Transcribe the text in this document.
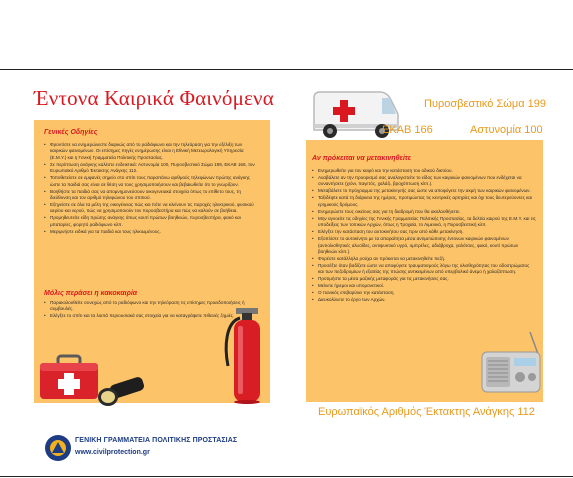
Έντονα Καιρικά Φαινόμενα
Γενικές Οδηγίες
• Φροντίστε να ενημερώνεστε διαρκώς από το ραδιόφωνο και την τηλεόραση για την εξέλιξη των καιρικών φαινομένων. Οι επίσημες πηγές ενημέρωσης είναι η Εθνική Μετεωρολογική Υπηρεσία (Ε.Μ.Υ.) και η Γενική Γραμματεία Πολιτικής Προστασίας.
• Σε περίπτωση ανάγκης καλέστε ενδεικτικά: Αστυνομία 100, Πυροσβεστικό Σώμα 199, ΕΚΑΒ 166, τον Ευρωπαϊκό Αριθμό Έκτακτης Ανάγκης 112.
• Τοποθετείστε σε εμφανές σημείο στο σπίτι τους παραπάνω αριθμούς τηλεφώνων πρώτης ανάγκης ώστε τα παιδιά σας είναι σε θέση να τους χρησιμοποιήσουν και βεβαιωθείτε ότι το γνωρίζουν.
• Βοηθήστε τα παιδιά σας να απομνημονεύσουν οικογενειακά στοιχεία όπως το επίθετο τους, τη διεύθυνση και τον αριθμό τηλεφώνου του σπιτιού.
• Εξηγείστε σε όλα τα μέλη της οικογένειας πώς και πότε να κλείνουν τις παροχές ηλεκτρικού, φυσικού αερίου και νερού, πώς να χρησιμοποιούν τον πυροσβεστήρα και πώς να καλούν σε βοήθεια.
• Προμηθευτείτε είδη πρώτης ανάγκης όπως κουτί πρώτων βοηθειών, πυροσβεστήρα, φακό και μπαταρίες, φορητό ραδιόφωνο κλπ.
• Μεριμνήστε ειδικά για τα παιδιά και τους ηλικιωμένους.
Μόλις περάσει η κακοκαιρία
• Παρακολουθείτε συνεχώς από το ραδιόφωνο και την τηλεόραση τις επίσημες προειδοποιήσεις ή συμβουλές.
• Ελέγξτε το σπίτι και τα λοιπά περιουσιακά σας στοιχεία για να καταγράψετε πιθανές ζημιές.
ΓΕΝΙΚΗ ΓΡΑΜΜΑΤΕΙΑ ΠΟΛΙΤΙΚΗΣ ΠΡΟΣΤΑΣΙΑΣ
www.civilprotection.gr
Πυροσβεστικό Σώμα 199
ΕΚΑΒ 166	Αστυνομία 100
Αν πρόκειται να μετακινηθείτε
• Ενημερωθείτε για τον καιρό και την κατάσταση του οδικού δικτύου.
• Αναβάλετε αν την προορισμό σας αναλογιστείτε το είδος των καιρικών φαινομένων που ενδέχεται να συναντήσετε (χιόνι, παγετός, χαλάζι, βροχόπτωση κλπ.).
• Μεταβάλετε το πρόγραμμα της μετακίνησής σας ώστε να αποφύγετε την ακμή των καιρικών φαινομένων.
• Ταξιδέψτε κατά τη διάρκεια της ημέρας, προτιμώντας τις κεντρικές αρτηρίες και όχι τους δευτερεύοντες και ερημικούς δρόμους.
• Ενημερώστε τους οικείους σας για τη διαδρομή που θα ακολουθήσετε.
• Μην αγνοείτε τις οδηγίες της Γενικής Γραμματείας Πολιτικής Προστασίας, τα δελτία καιρού της Ε.Μ.Υ. και τις υποδείξεις των τοπικών Αρχών, όπως η Τροχαία, το Λιμενικό, η Πυροσβεστική κλπ.
• Ελέγξτε την κατάσταση του αυτοκινήτου σας πριν από κάθε μετακίνηση.
• Εξοπλίστε το αυτοκίνητο με τα απαραίτητα μέσα αντιμετώπισης έντονων καιρικών φαινομένων (αντιολισθητικές αλυσίδες, αντιψυκτικό υγρό, ομπρέλες, αδιάβροχα, γαλότσες, φακό, κουτί πρώτων βοηθειών κλπ.).
• Φορέστε κατάλληλα ρούχα αν πρόκειται να μετακινηθείτε πεζή.
• Προσέξτε όταν βαδίζετε ώστε να αποφύγετε τραυματισμούς λόγω της ολισθηρότητας του οδοστρώματος και των πεζοδρομίων ή εξαιτίας της πτώσης αντικειμένων από υπερβολικό άνεμο ή χαλαζόπτωση.
• Προτιμήστε τα μέσα μαζικής μεταφοράς για τις μετακινήσεις σας.
• Μείνετε ήρεμοι και υπομονετικοί.
• Ο πανικός επιβαρύνει την κατάσταση.
• Διευκολύνετε το έργο των Αρχών.
Ευρωπαϊκός Αριθμός Έκτακτης Ανάγκης 112
